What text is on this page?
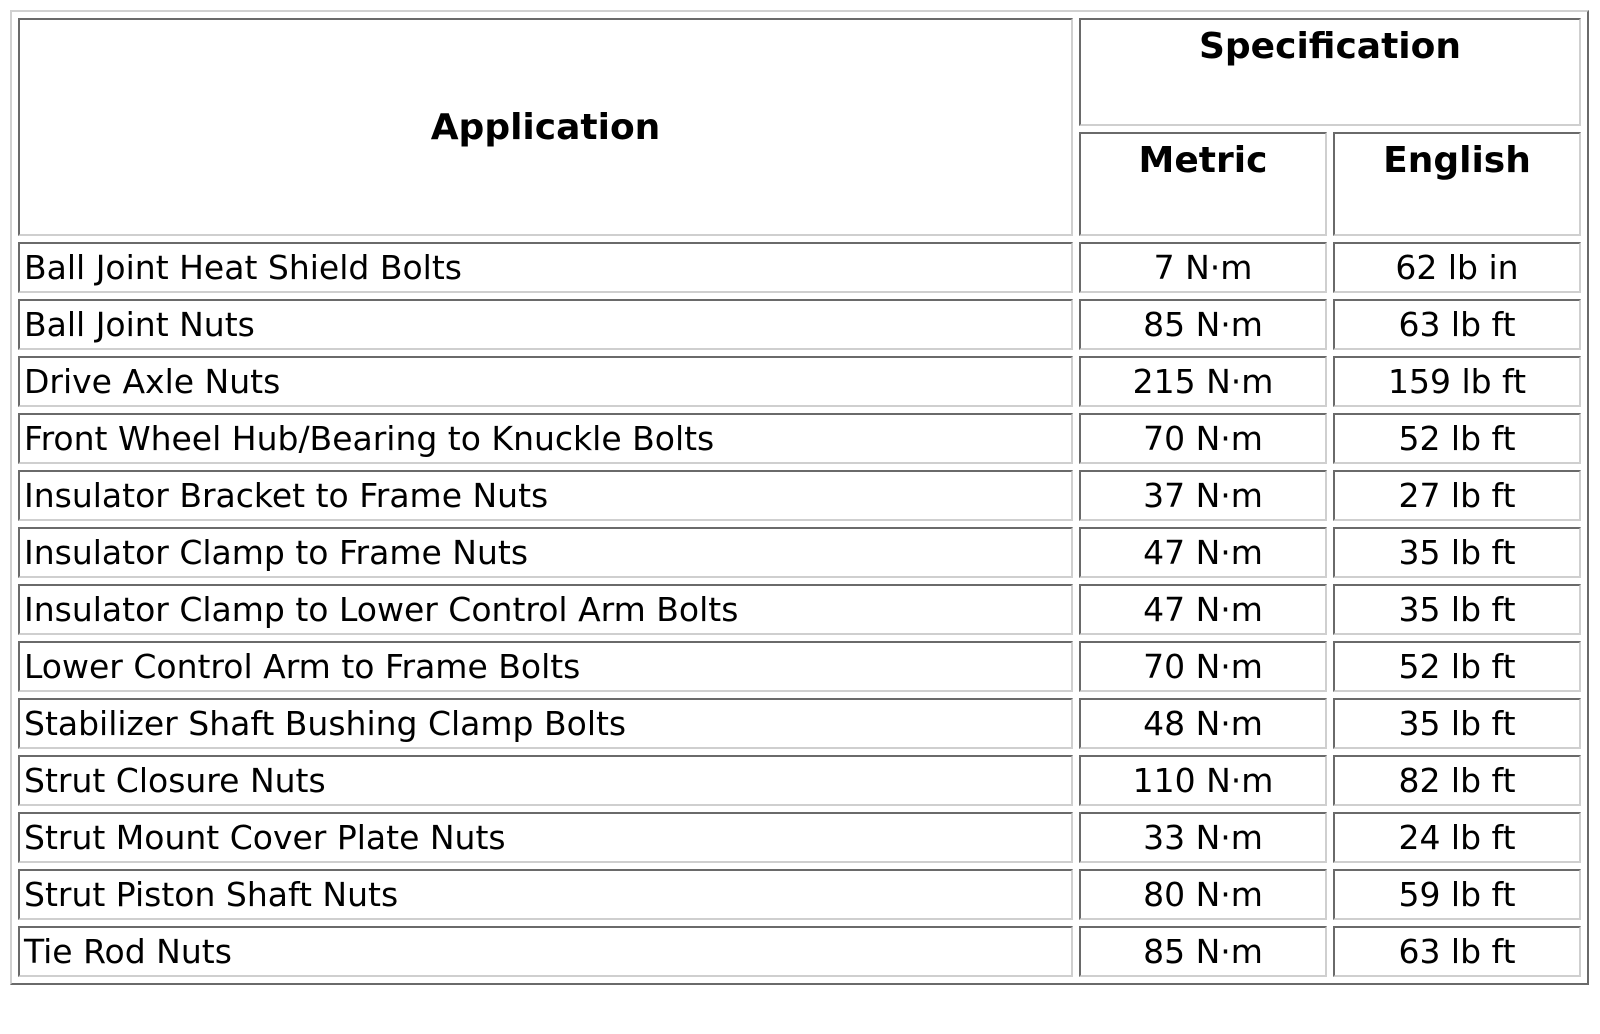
Application	Specification	
	Metric	English
Ball Joint Heat Shield Bolts	7 N·m	62 lb in
Ball Joint Nuts	85 N·m	63 lb ft
Drive Axle Nuts	215 N·m	159 lb ft
Front Wheel Hub/Bearing to Knuckle Bolts	70 N·m	52 lb ft
Insulator Bracket to Frame Nuts	37 N·m	27 lb ft
Insulator Clamp to Frame Nuts	47 N·m	35 lb ft
Insulator Clamp to Lower Control Arm Bolts	47 N·m	35 lb ft
Lower Control Arm to Frame Bolts	70 N·m	52 lb ft
Stabilizer Shaft Bushing Clamp Bolts	48 N·m	35 lb ft
Strut Closure Nuts	110 N·m	82 lb ft
Strut Mount Cover Plate Nuts	33 N·m	24 lb ft
Strut Piston Shaft Nuts	80 N·m	59 lb ft
Tie Rod Nuts	85 N·m	63 lb ft
